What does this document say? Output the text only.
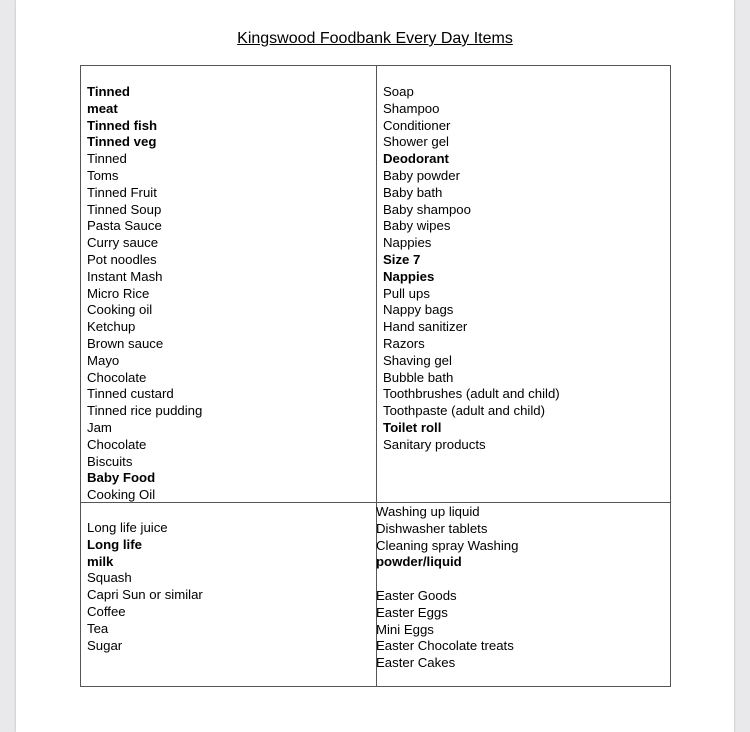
Kingswood Foodbank Every Day Items
Tinned
meat
Tinned fish
Tinned veg
Tinned
Toms
Tinned Fruit
Tinned Soup
Pasta Sauce
Curry sauce
Pot noodles
Instant Mash
Micro Rice
Cooking oil
Ketchup
Brown sauce
Mayo
Chocolate
Tinned custard
Tinned rice pudding
Jam
Chocolate
Biscuits
Baby Food
Cooking Oil
Soap
Shampoo
Conditioner
Shower gel
Deodorant
Baby powder
Baby bath
Baby shampoo
Baby wipes
Nappies
Size 7
Nappies
Pull ups
Nappy bags
Hand sanitizer
Razors
Shaving gel
Bubble bath
Toothbrushes (adult and child)
Toothpaste (adult and child)
Toilet roll
Sanitary products
Long life juice
Long life
milk
Squash
Capri Sun or similar
Coffee
Tea
Sugar
Washing up liquid
Dishwasher tablets
Cleaning spray Washing
powder/liquid
Easter Goods
Easter Eggs
Mini Eggs
Easter Chocolate treats
Easter Cakes
